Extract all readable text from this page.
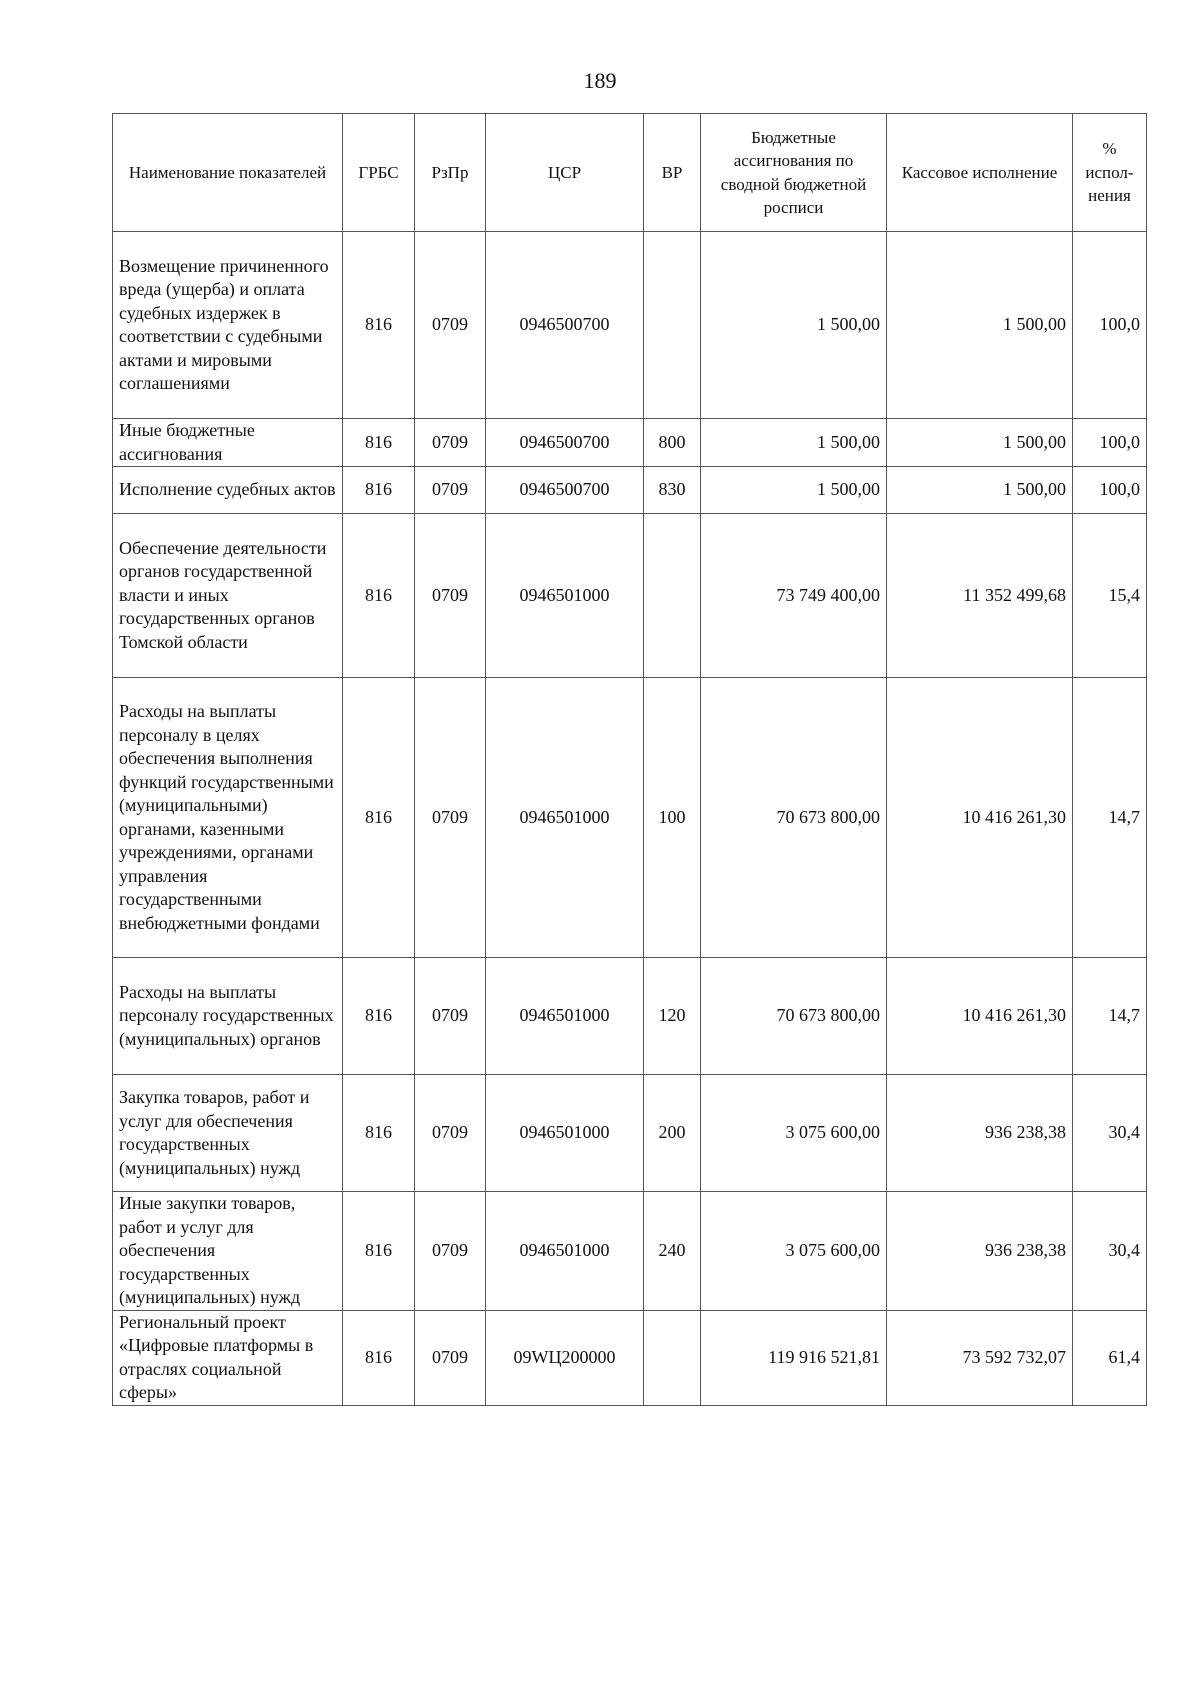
189
Наименование показателей	ГРБС	РзПр	ЦСР	ВР	Бюджетные ассигнования по сводной бюджетной росписи	Кассовое исполнение	% испол-нения
Возмещение причиненного вреда (ущерба) и оплата судебных издержек в соответствии с судебными актами и мировыми соглашениями	816	0709	0946500700		1 500,00	1 500,00	100,0
Иные бюджетные ассигнования	816	0709	0946500700	800	1 500,00	1 500,00	100,0
Исполнение судебных актов	816	0709	0946500700	830	1 500,00	1 500,00	100,0
Обеспечение деятельности органов государственной власти и иных государственных органов Томской области	816	0709	0946501000		73 749 400,00	11 352 499,68	15,4
Расходы на выплаты персоналу в целях обеспечения выполнения функций государственными (муниципальными) органами, казенными учреждениями, органами управления государственными внебюджетными фондами	816	0709	0946501000	100	70 673 800,00	10 416 261,30	14,7
Расходы на выплаты персоналу государственных (муниципальных) органов	816	0709	0946501000	120	70 673 800,00	10 416 261,30	14,7
Закупка товаров, работ и услуг для обеспечения государственных (муниципальных) нужд	816	0709	0946501000	200	3 075 600,00	936 238,38	30,4
Иные закупки товаров, работ и услуг для обеспечения государственных (муниципальных) нужд	816	0709	0946501000	240	3 075 600,00	936 238,38	30,4
Региональный проект «Цифровые платформы в отраслях социальной сферы»	816	0709	09WЦ200000		119 916 521,81	73 592 732,07	61,4
